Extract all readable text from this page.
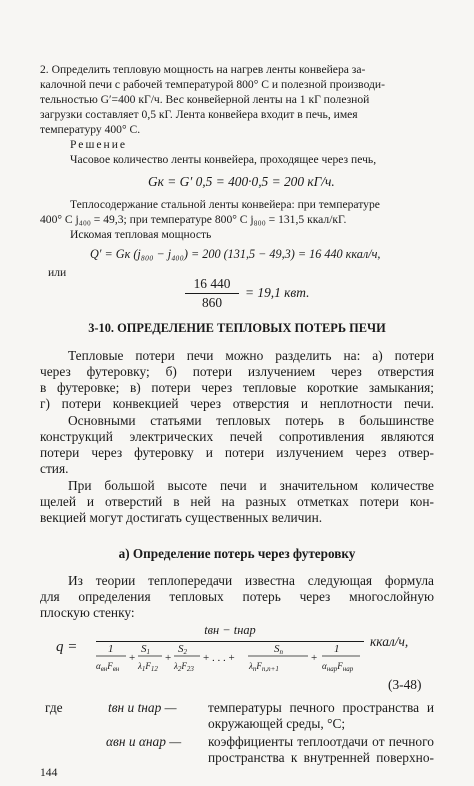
2. Определить тепловую мощность на нагрев ленты конвейера за-
калочной печи с рабочей температурой 800° С и полезной производи-
тельностью G′=400 кГ/ч. Вес конвейерной ленты на 1 кГ полезной
загрузки составляет 0,5 кГ. Лента конвейера входит в печь, имея
температуру 400° С.
Решение
Часовое количество ленты конвейера, проходящее через печь,
Gк = G′ 0,5 = 400·0,5 = 200 кГ/ч.
Теплосодержание стальной ленты конвейера: при температуре
400° С j₄₀₀ = 49,3; при температуре 800° С j₈₀₀ = 131,5 ккал/кГ.
Искомая тепловая мощность
Q′ = Gк (j₈₀₀ − j₄₀₀) = 200 (131,5 − 49,3) = 16 440 ккал/ч,
или
16 440
860
= 19,1 квт.
3-10. ОПРЕДЕЛЕНИЕ ТЕПЛОВЫХ ПОТЕРЬ ПЕЧИ
Тепловые потери печи можно разделить на: а) потери
через футеровку; б) потери излучением через отверстия
в футеровке; в) потери через тепловые короткие замыкания;
г) потери конвекцией через отверстия и неплотности печи.
Основными статьями тепловых потерь в большинстве
конструкций электрических печей сопротивления являются
потери через футеровку и потери излучением через отвер-
стия.
При большой высоте печи и значительном количестве
щелей и отверстий в ней на разных отметках потери кон-
векцией могут достигать существенных величин.
а) Определение потерь через футеровку
Из теории теплопередачи известна следующая формула
для определения тепловых потерь через многослойную
плоскую стенку:
q =
tвн − tнар
1
$\alpha_{вн}F_{вн}$
+
S1
$\lambda_1F_{12}$
+
S2
$\lambda_2F_{23}$
+ . . . +
Sn
$\lambda_nF_{n,n+1}$
+
1
$\alpha_{нар}F_{нар}$
ккал/ч,
(3-48)
где	tвн и tнар — температуры печного пространства и
окружающей среды, °С;
αвн и αнар — коэффициенты теплоотдачи от печного
пространства к внутренней поверхно-
144
